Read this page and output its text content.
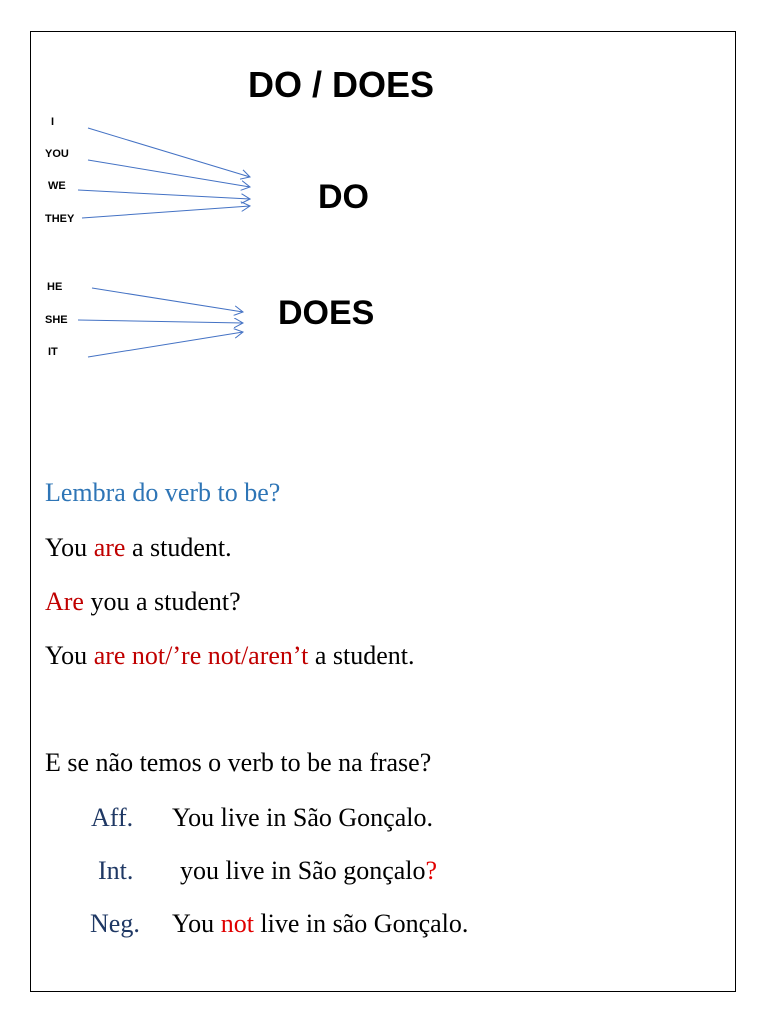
DO / DOES
I
YOU
WE
THEY
DO
HE
SHE
IT
DOES
Lembra do verb to be?
You are a student.
Are you a student?
You are not/’re not/aren’t a student.
E se não temos o verb to be na frase?
Aff. You live in São Gonçalo.
Int. you live in São gonçalo?
Neg. You not live in são Gonçalo.
